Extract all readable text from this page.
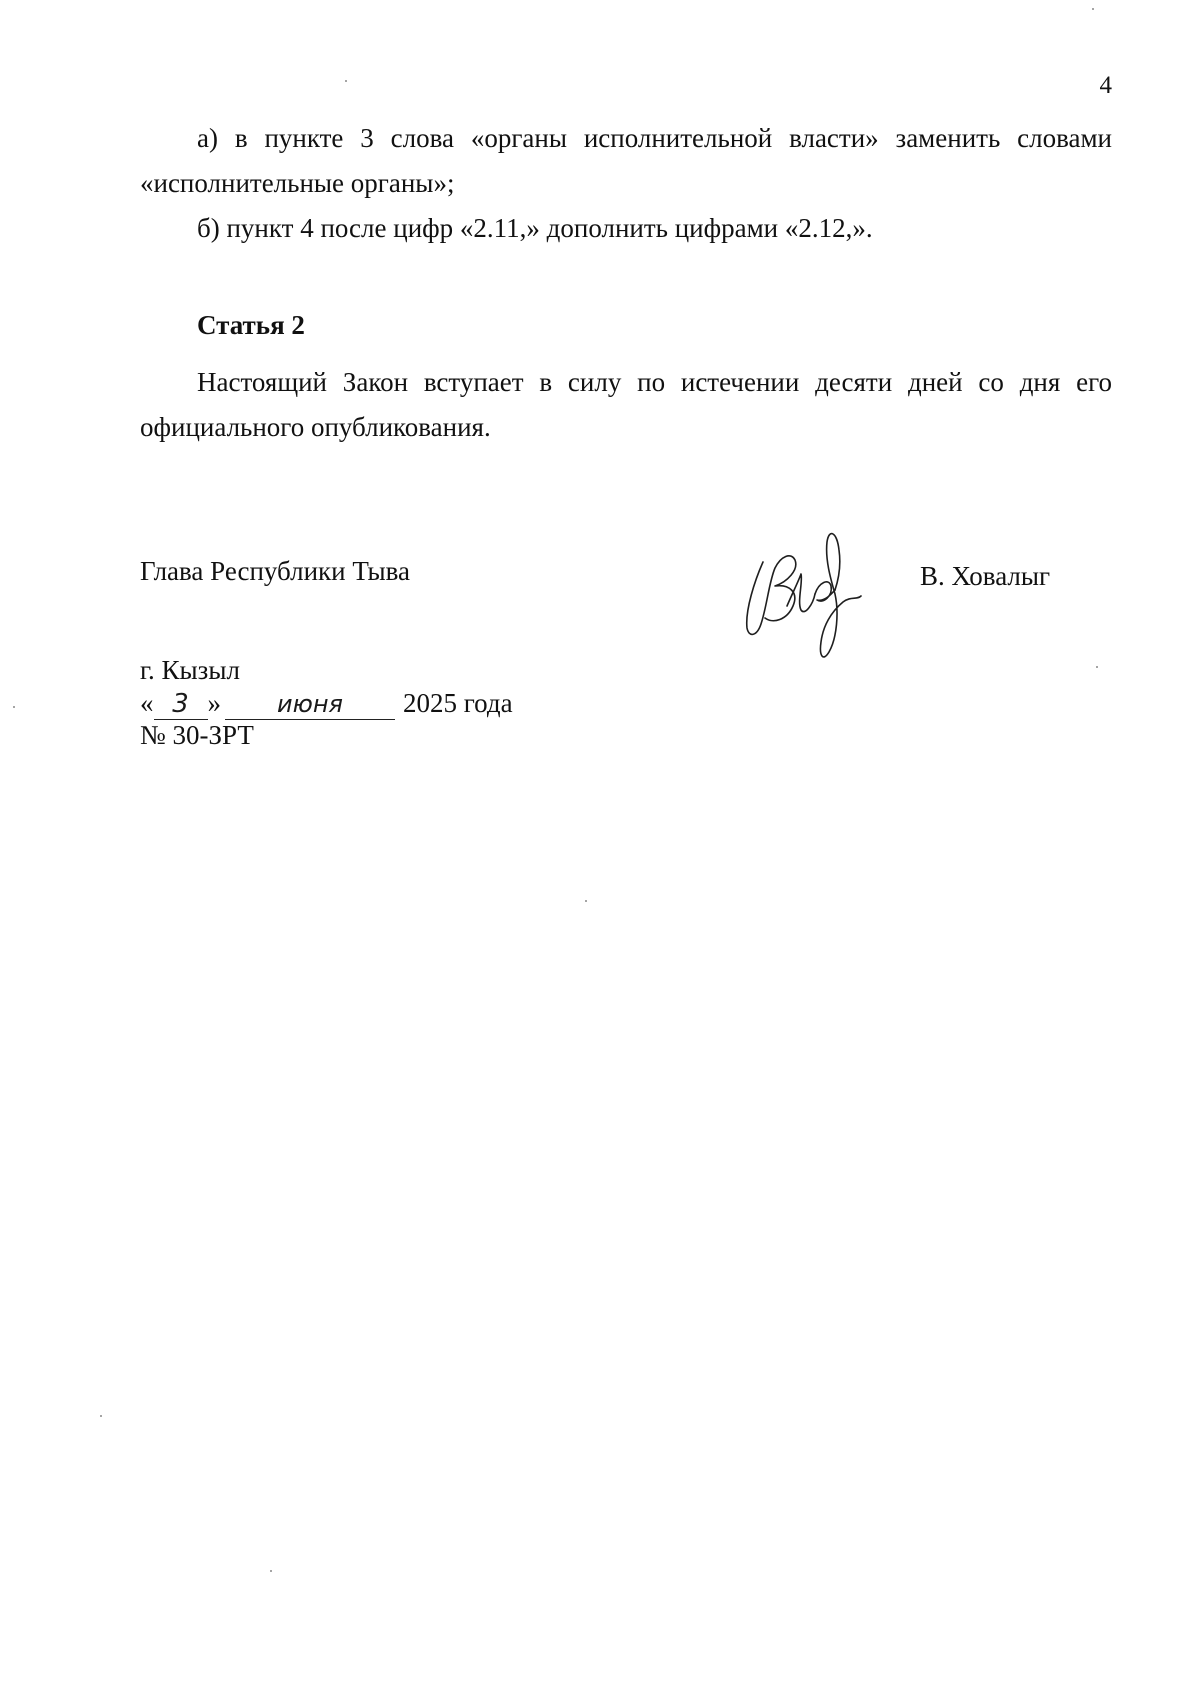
4

а) в пункте 3 слова «органы исполнительной власти» заменить словами «исполнительные органы»;

б) пункт 4 после цифр «2.11,» дополнить цифрами «2.12,».

Статья 2

Настоящий Закон вступает в силу по истечении десяти дней со дня его официального опубликования.

Глава Республики Тыва	В. Ховалыг
г. Кызыл
« 3 » июня 2025 года
№ 30-ЗРТ
